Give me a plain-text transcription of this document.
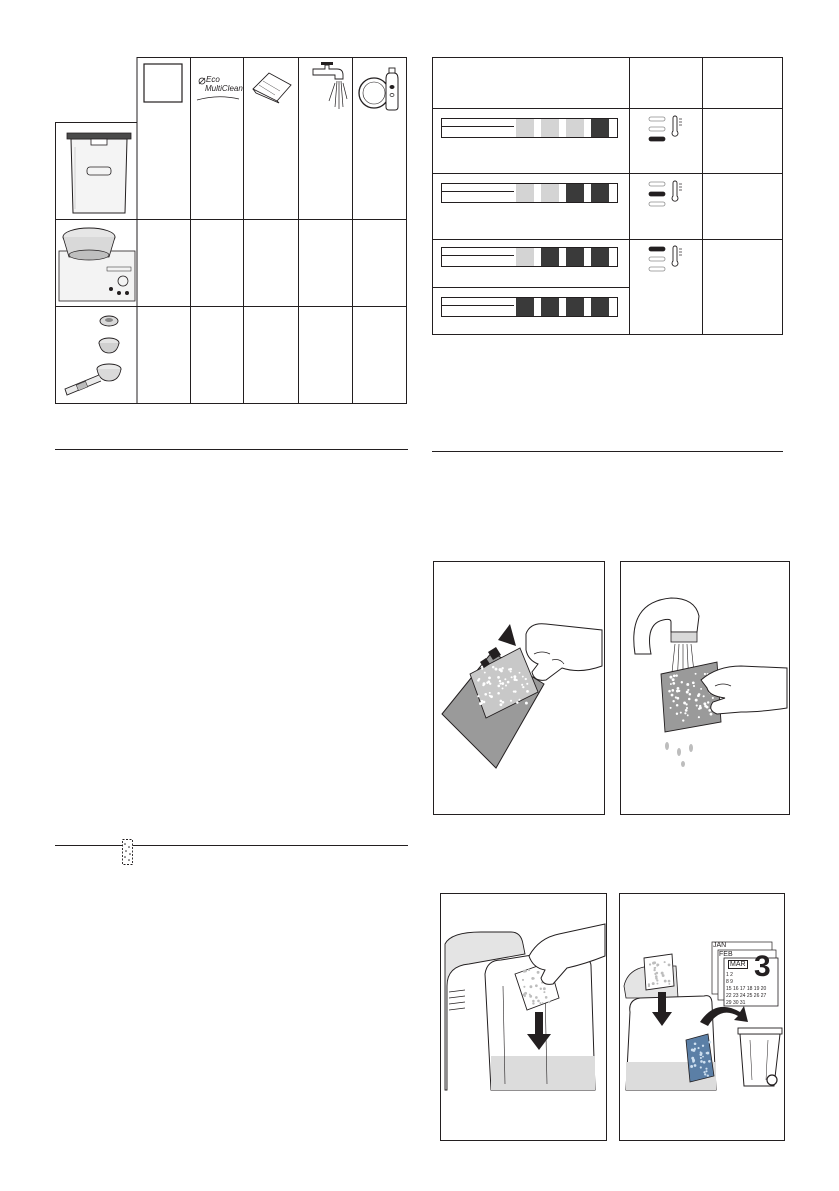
Eco
MultiClean
JAN
FEB
MAR 3
1 2
8 9
15 16 17 18 19 20
22 23 24 25 26 27
29 30 31
